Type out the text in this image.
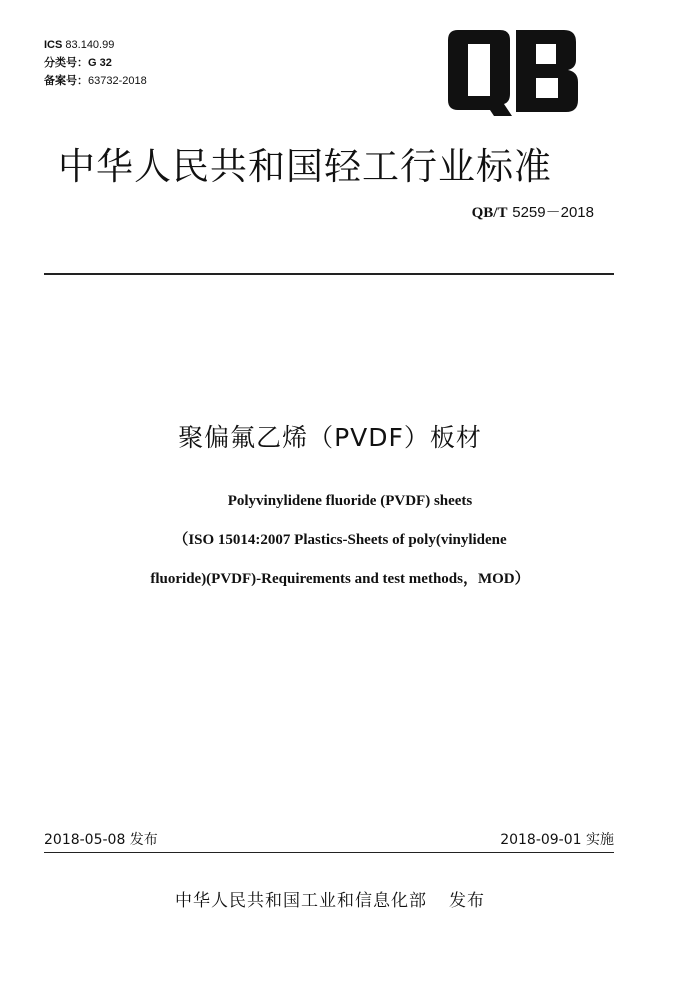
ICS 83.140.99
分类号：G 32
备案号：63732-2018
中华人民共和国轻工行业标准
QB/T 5259－2018
聚偏氟乙烯（PVDF）板材
Polyvinylidene fluoride (PVDF) sheets
（ISO 15014:2007 Plastics-Sheets of poly(vinylidene
fluoride)(PVDF)-Requirements and test methods，MOD）
2018-05-08 发布	2018-09-01 实施
中华人民共和国工业和信息化部 发布
